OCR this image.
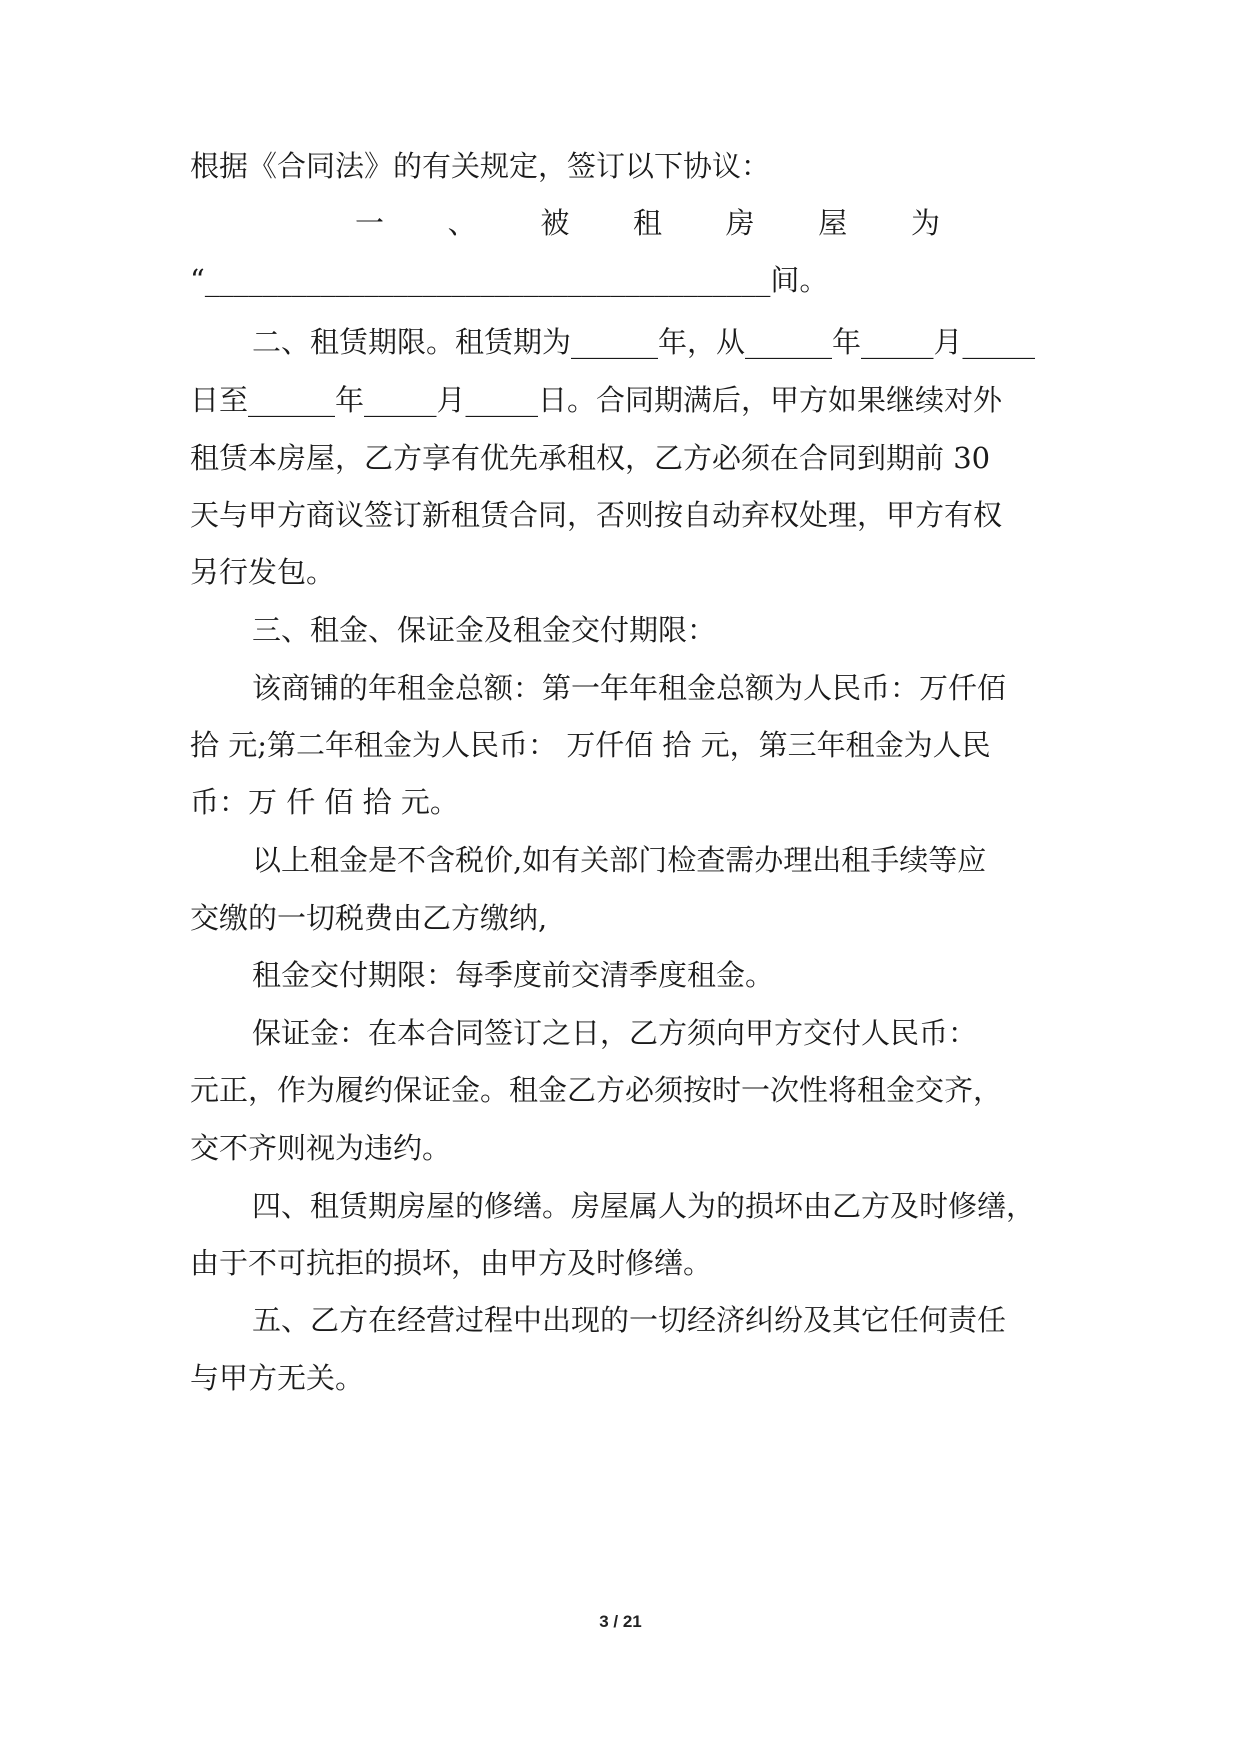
根据《合同法》的有关规定，签订以下协议：
一 、 被 租 房 屋 为
“_______________________________________间。
二、租赁期限。租赁期为______年，从______年_____月_____
日至______年_____月_____日。合同期满后，甲方如果继续对外
租赁本房屋，乙方享有优先承租权，乙方必须在合同到期前 30
天与甲方商议签订新租赁合同，否则按自动弃权处理，甲方有权
另行发包。
三、租金、保证金及租金交付期限：
该商铺的年租金总额：第一年年租金总额为人民币：万仟佰
拾 元;第二年租金为人民币： 万仟佰 拾 元，第三年租金为人民
币：万 仟 佰 拾 元。
以上租金是不含税价,如有关部门检查需办理出租手续等应
交缴的一切税费由乙方缴纳,
租金交付期限：每季度前交清季度租金。
保证金：在本合同签订之日，乙方须向甲方交付人民币：
元正，作为履约保证金。租金乙方必须按时一次性将租金交齐，
交不齐则视为违约。
四、租赁期房屋的修缮。房屋属人为的损坏由乙方及时修缮，
由于不可抗拒的损坏，由甲方及时修缮。
五、乙方在经营过程中出现的一切经济纠纷及其它任何责任
与甲方无关。
3 / 21
